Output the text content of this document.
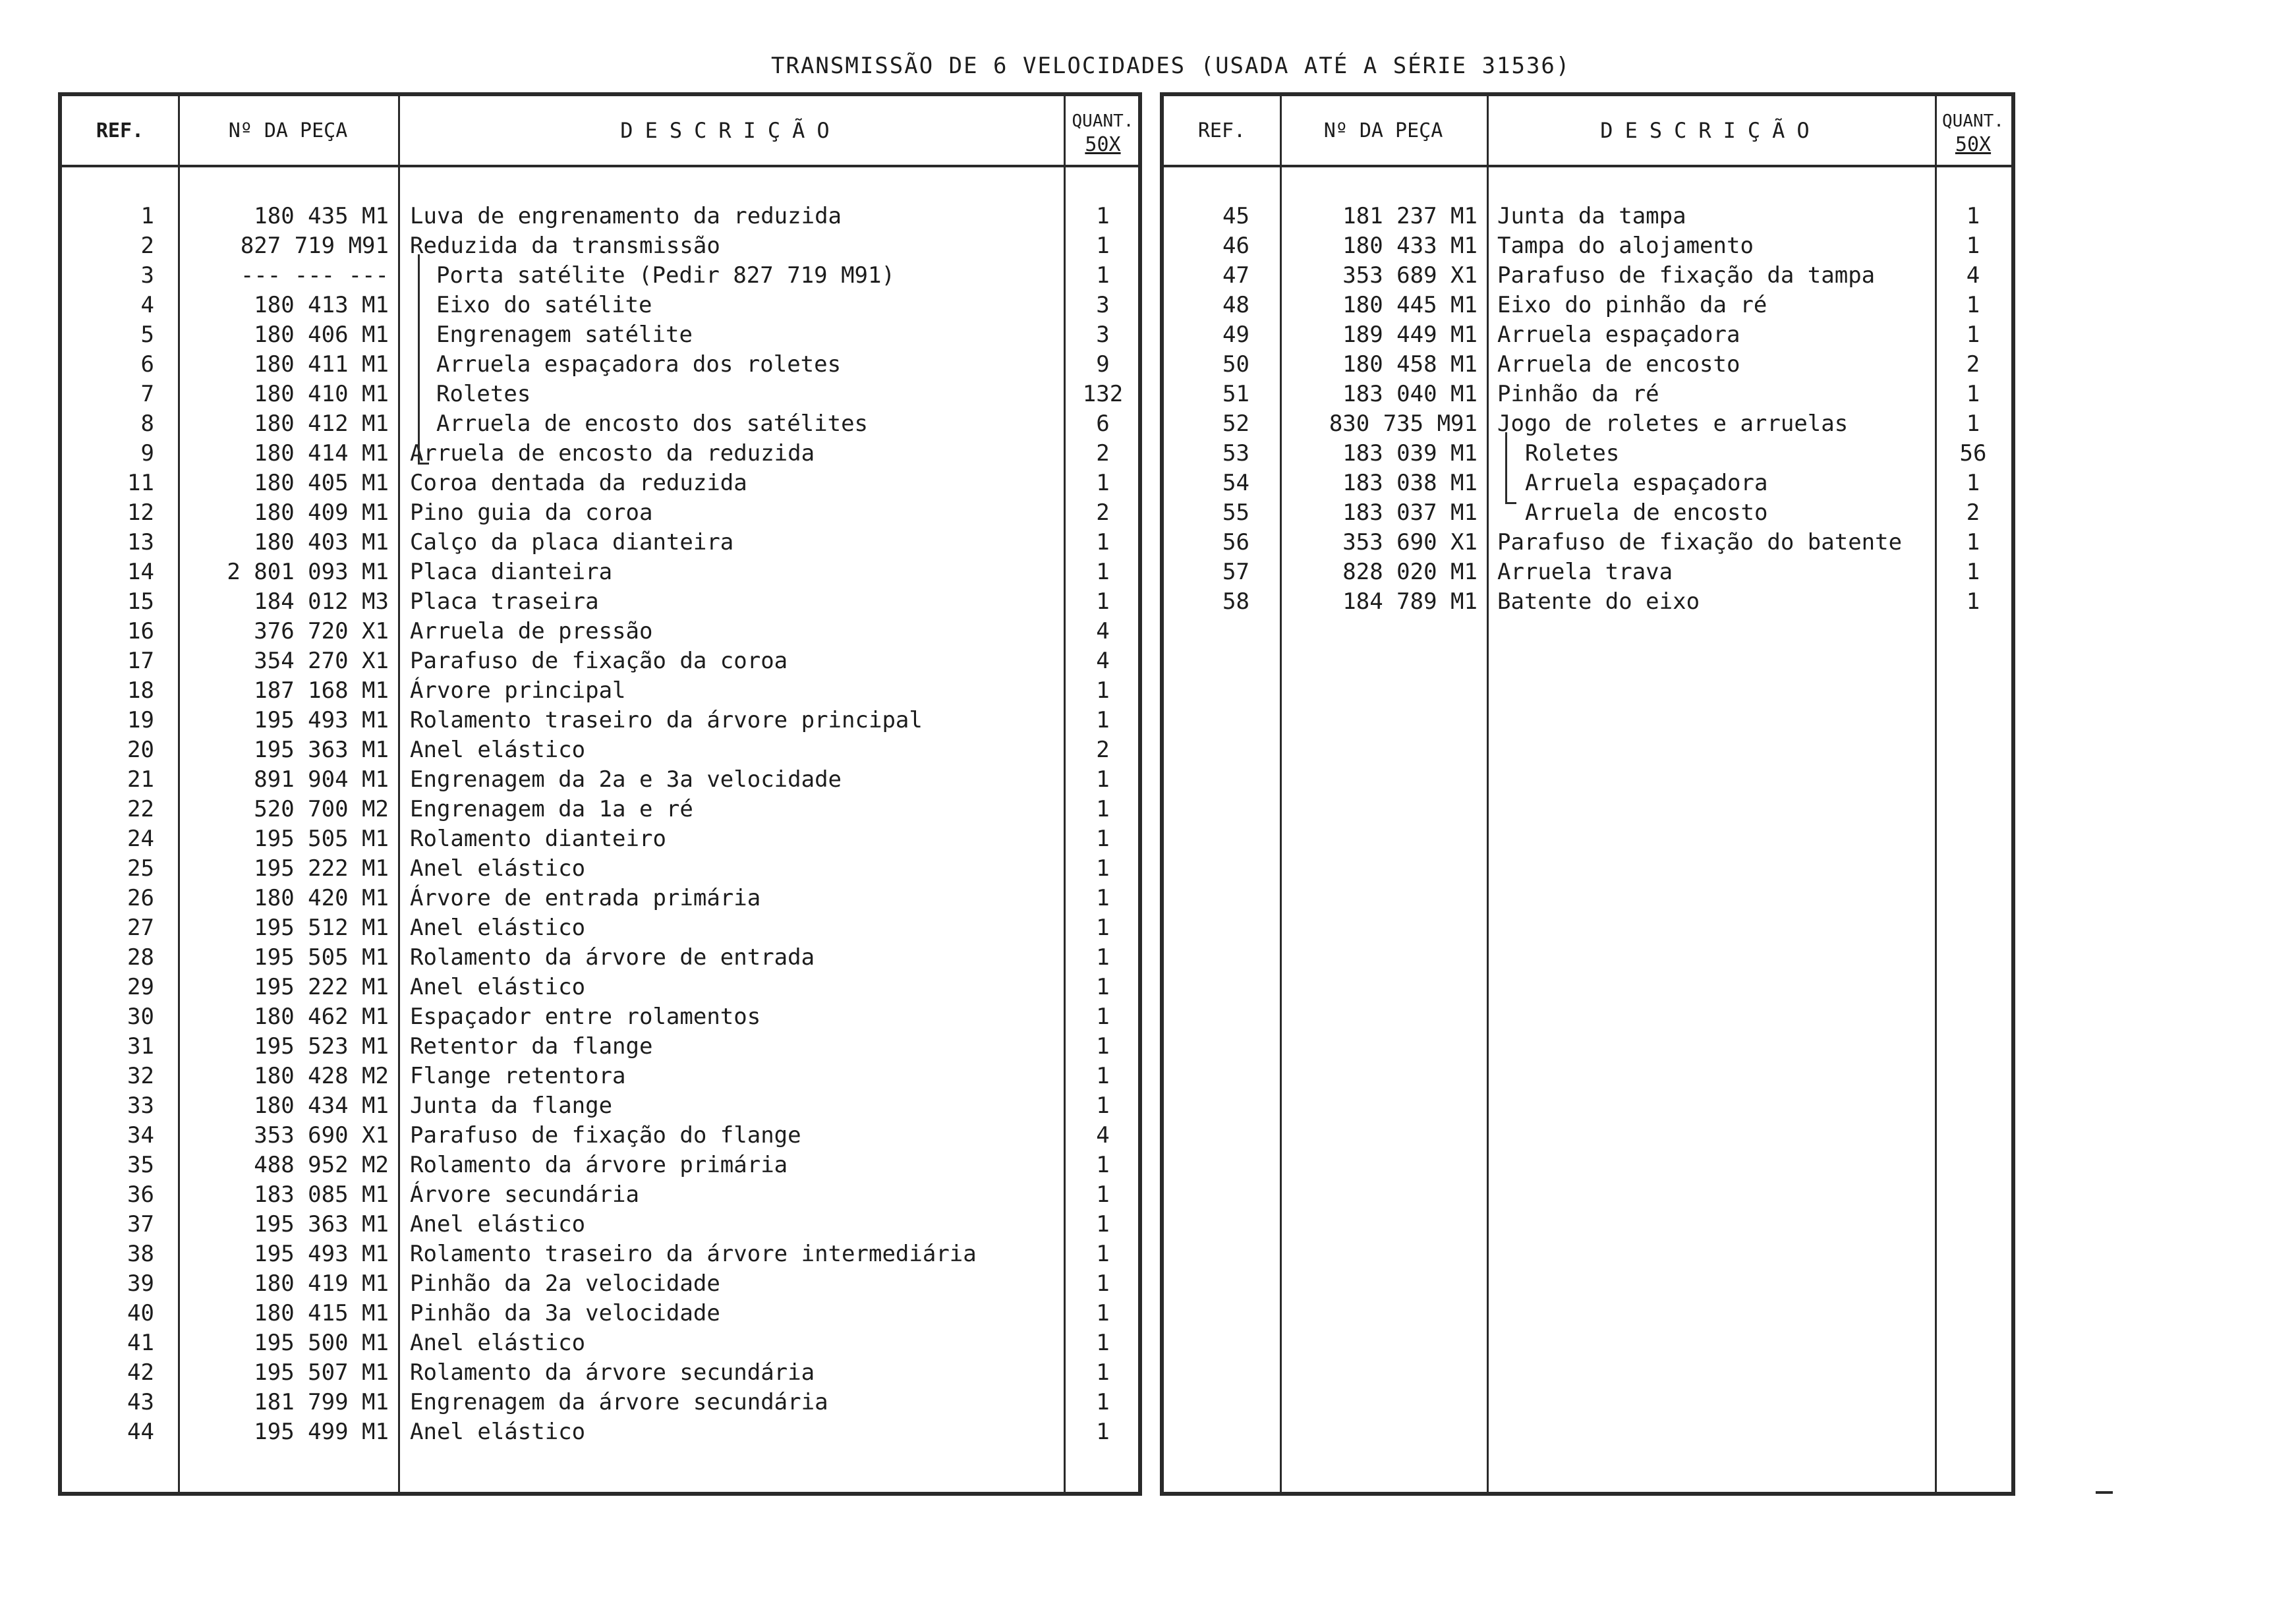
TRANSMISSÃO DE 6 VELOCIDADES (USADA ATÉ A SÉRIE 31536)
REF.	Nº DA PEÇA	DESCRIÇÃO	QUANT.
50X
1	180 435 M1 Luva de engrenamento da reduzida	1
2	827 719 M91 Reduzida da transmissão	1
3	--- --- --- Porta satélite (Pedir 827 719 M91)	1
4	180 413 M1 Eixo do satélite	3
5	180 406 M1 Engrenagem satélite	3
6	180 411 M1 Arruela espaçadora dos roletes	9
7	180 410 M1 Roletes	132
8	180 412 M1 Arruela de encosto dos satélites	6
9	180 414 M1 Arruela de encosto da reduzida	2
11	180 405 M1 Coroa dentada da reduzida	1
12	180 409 M1 Pino guia da coroa	2
13	180 403 M1 Calço da placa dianteira	1
14	2 801 093 M1 Placa dianteira	1
15	184 012 M3 Placa traseira	1
16	376 720 X1 Arruela de pressão	4
17	354 270 X1 Parafuso de fixação da coroa	4
18	187 168 M1 Árvore principal	1
19	195 493 M1 Rolamento traseiro da árvore principal	1
20	195 363 M1 Anel elástico	2
21	891 904 M1 Engrenagem da 2a e 3a velocidade	1
22	520 700 M2 Engrenagem da 1a e ré	1
24	195 505 M1 Rolamento dianteiro	1
25	195 222 M1 Anel elástico	1
26	180 420 M1 Árvore de entrada primária	1
27	195 512 M1 Anel elástico	1
28	195 505 M1 Rolamento da árvore de entrada	1
29	195 222 M1 Anel elástico	1
30	180 462 M1 Espaçador entre rolamentos	1
31	195 523 M1 Retentor da flange	1
32	180 428 M2 Flange retentora	1
33	180 434 M1 Junta da flange	1
34	353 690 X1 Parafuso de fixação do flange	4
35	488 952 M2 Rolamento da árvore primária	1
36	183 085 M1 Árvore secundária	1
37	195 363 M1 Anel elástico	1
38	195 493 M1 Rolamento traseiro da árvore intermediária	1
39	180 419 M1 Pinhão da 2a velocidade	1
40	180 415 M1 Pinhão da 3a velocidade	1
41	195 500 M1 Anel elástico	1
42	195 507 M1 Rolamento da árvore secundária	1
43	181 799 M1 Engrenagem da árvore secundária	1
44	195 499 M1 Anel elástico	1
REF.	Nº DA PEÇA	DESCRIÇÃO	QUANT.
50X
45	181 237 M1 Junta da tampa	1
46	180 433 M1 Tampa do alojamento	1
47	353 689 X1 Parafuso de fixação da tampa	4
48	180 445 M1 Eixo do pinhão da ré	1
49	189 449 M1 Arruela espaçadora	1
50	180 458 M1 Arruela de encosto	2
51	183 040 M1 Pinhão da ré	1
52	830 735 M91 Jogo de roletes e arruelas	1
53	183 039 M1 Roletes	56
54	183 038 M1 Arruela espaçadora	1
55	183 037 M1 Arruela de encosto	2
56	353 690 X1 Parafuso de fixação do batente	1
57	828 020 M1 Arruela trava	1
58	184 789 M1 Batente do eixo	1
